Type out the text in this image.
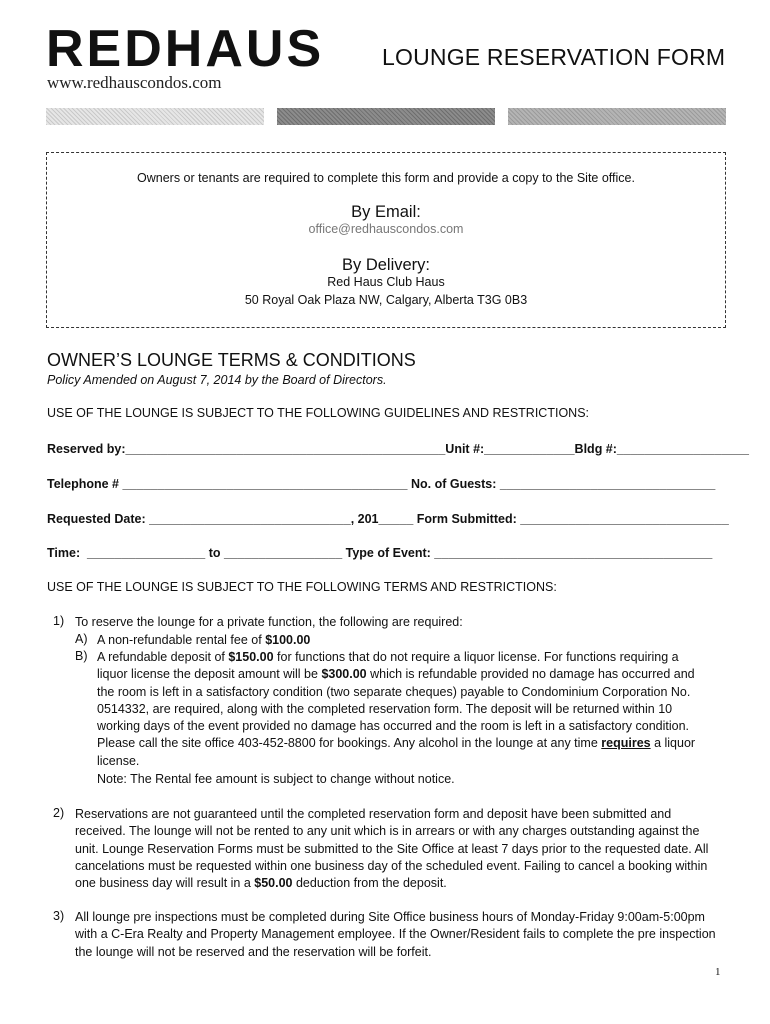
REDHAUS
www.redhauscondos.com
LOUNGE RESERVATION FORM
Owners or tenants are required to complete this form and provide a copy to the Site office.
By Email:
office@redhauscondos.com
By Delivery:
Red Haus Club Haus
50 Royal Oak Plaza NW, Calgary, Alberta T3G 0B3
OWNER’S LOUNGE TERMS & CONDITIONS
Policy Amended on August 7, 2014 by the Board of Directors.
USE OF THE LOUNGE IS SUBJECT TO THE FOLLOWING GUIDELINES AND RESTRICTIONS:
Reserved by:______________________________________________Unit #:_____________Bldg #:___________________
Telephone # _________________________________________ No. of Guests: _______________________________
Requested Date: _____________________________, 201_____ Form Submitted: ______________________________
Time:  _________________ to _________________ Type of Event: ________________________________________
USE OF THE LOUNGE IS SUBJECT TO THE FOLLOWING TERMS AND RESTRICTIONS:
1) To reserve the lounge for a private function, the following are required:
A) A non-refundable rental fee of $100.00
B) A refundable deposit of $150.00 for functions that do not require a liquor license. For functions requiring a liquor license the deposit amount will be $300.00 which is refundable provided no damage has occurred and the room is left in a satisfactory condition (two separate cheques) payable to Condominium Corporation No. 0514332, are required, along with the completed reservation form. The deposit will be returned within 10 working days of the event provided no damage has occurred and the room is left in a satisfactory condition. Please call the site office 403-452-8800 for bookings. Any alcohol in the lounge at any time requires a liquor license.
Note: The Rental fee amount is subject to change without notice.
2) Reservations are not guaranteed until the completed reservation form and deposit have been submitted and received. The lounge will not be rented to any unit which is in arrears or with any charges outstanding against the unit. Lounge Reservation Forms must be submitted to the Site Office at least 7 days prior to the requested date. All cancelations must be requested within one business day of the scheduled event. Failing to cancel a booking within one business day will result in a $50.00 deduction from the deposit.
3) All lounge pre inspections must be completed during Site Office business hours of Monday-Friday 9:00am-5:00pm with a C-Era Realty and Property Management employee. If the Owner/Resident fails to complete the pre inspection the lounge will not be reserved and the reservation will be forfeit.
1
